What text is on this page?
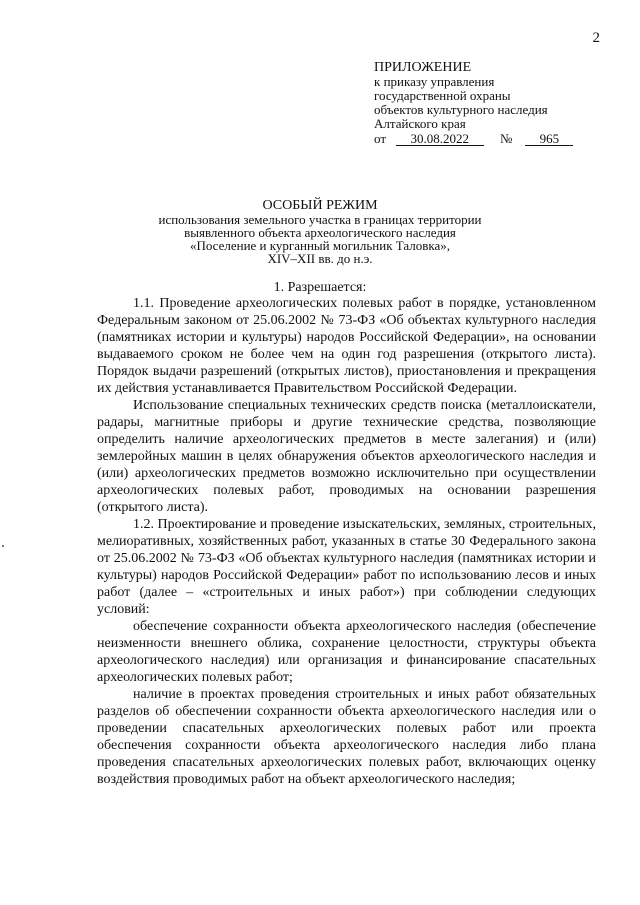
2
ПРИЛОЖЕНИЕ
к приказу управления
государственной охраны
объектов культурного наследия
Алтайского края
от 30.08.2022 № 965
ОСОБЫЙ РЕЖИМ
использования земельного участка в границах территории
выявленного объекта археологического наследия
«Поселение и курганный могильник Таловка»,
XIV–XII вв. до н.э.
1. Разрешается:

1.1. Проведение археологических полевых работ в порядке, установленном Федеральным законом от 25.06.2002 № 73-ФЗ «Об объектах культурного наследия (памятниках истории и культуры) народов Российской Федерации», на основании выдаваемого сроком не более чем на один год разрешения (открытого листа). Порядок выдачи разрешений (открытых листов), приостановления и прекращения их действия устанавливается Правительством Российской Федерации.

Использование специальных технических средств поиска (металлоискатели, радары, магнитные приборы и другие технические средства, позволяющие определить наличие археологических предметов в месте залегания) и (или) землеройных машин в целях обнаружения объектов археологического наследия и (или) археологических предметов возможно исключительно при осуществлении археологических полевых работ, проводимых на основании разрешения (открытого листа).

1.2. Проектирование и проведение изыскательских, земляных, строительных, мелиоративных, хозяйственных работ, указанных в статье 30 Федерального закона от 25.06.2002 № 73-ФЗ «Об объектах культурного наследия (памятниках истории и культуры) народов Российской Федерации» работ по использованию лесов и иных работ (далее – «строительных и иных работ») при соблюдении следующих условий:

обеспечение сохранности объекта археологического наследия (обеспечение неизменности внешнего облика, сохранение целостности, структуры объекта археологического наследия) или организация и финансирование спасательных археологических полевых работ;

наличие в проектах проведения строительных и иных работ обязательных разделов об обеспечении сохранности объекта археологического наследия или о проведении спасательных археологических полевых работ или проекта обеспечения сохранности объекта археологического наследия либо плана проведения спасательных археологических полевых работ, включающих оценку воздействия проводимых работ на объект археологического наследия;
